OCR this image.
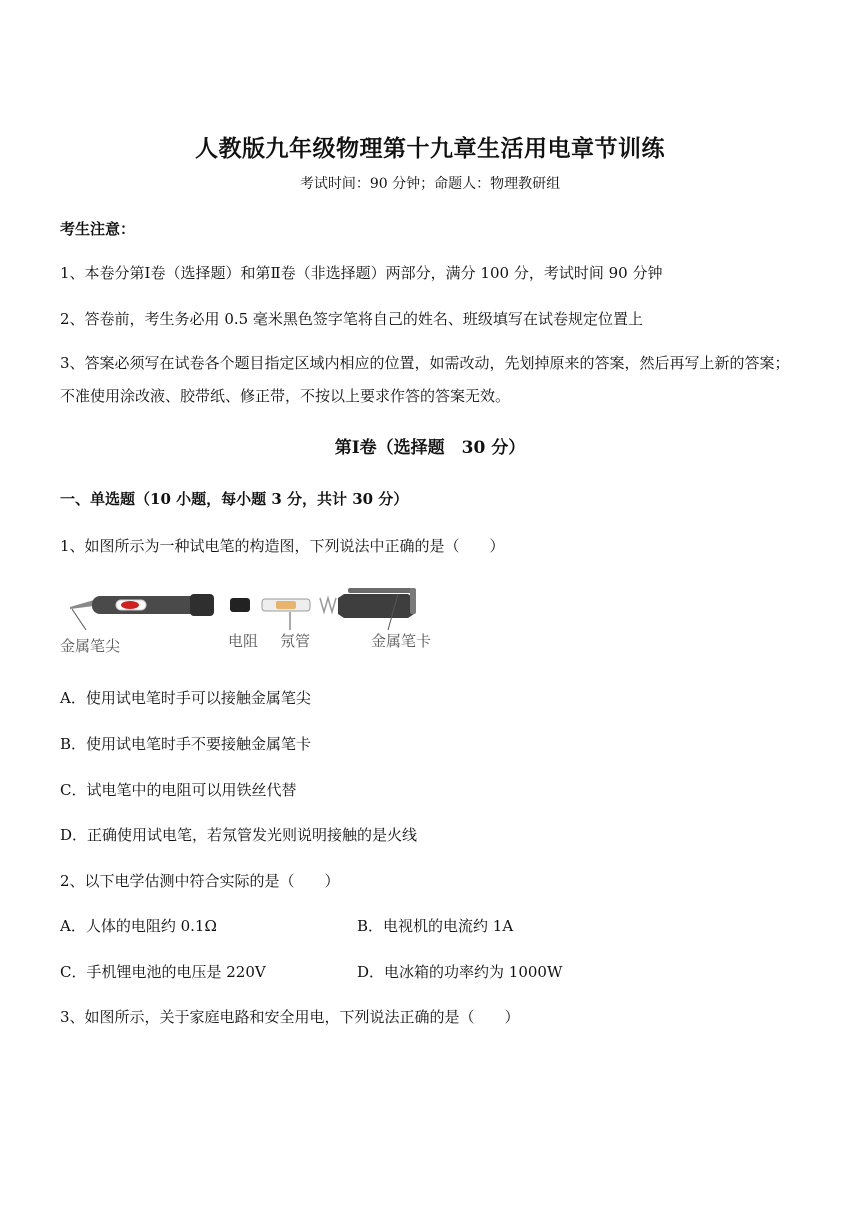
人教版九年级物理第十九章生活用电章节训练
考试时间：90 分钟；命题人：物理教研组
考生注意：
1、本卷分第Ⅰ卷（选择题）和第Ⅱ卷（非选择题）两部分，满分 100 分，考试时间 90 分钟
2、答卷前，考生务必用 0.5 毫米黑色签字笔将自己的姓名、班级填写在试卷规定位置上
3、答案必须写在试卷各个题目指定区域内相应的位置，如需改动，先划掉原来的答案，然后再写上新的答案；不准使用涂改液、胶带纸、修正带，不按以上要求作答的答案无效。
第Ⅰ卷（选择题　30 分）
一、单选题（10 小题，每小题 3 分，共计 30 分）
1、如图所示为一种试电笔的构造图，下列说法中正确的是（　　）
金属笔尖	电阻 氖管	金属笔卡
A．使用试电笔时手可以接触金属笔尖
B．使用试电笔时手不要接触金属笔卡
C．试电笔中的电阻可以用铁丝代替
D．正确使用试电笔，若氖管发光则说明接触的是火线
2、以下电学估测中符合实际的是（　　）
A．人体的电阻约 0.1Ω	B．电视机的电流约 1A
C．手机锂电池的电压是 220V	D．电冰箱的功率约为 1000W
3、如图所示，关于家庭电路和安全用电，下列说法正确的是（　　）
